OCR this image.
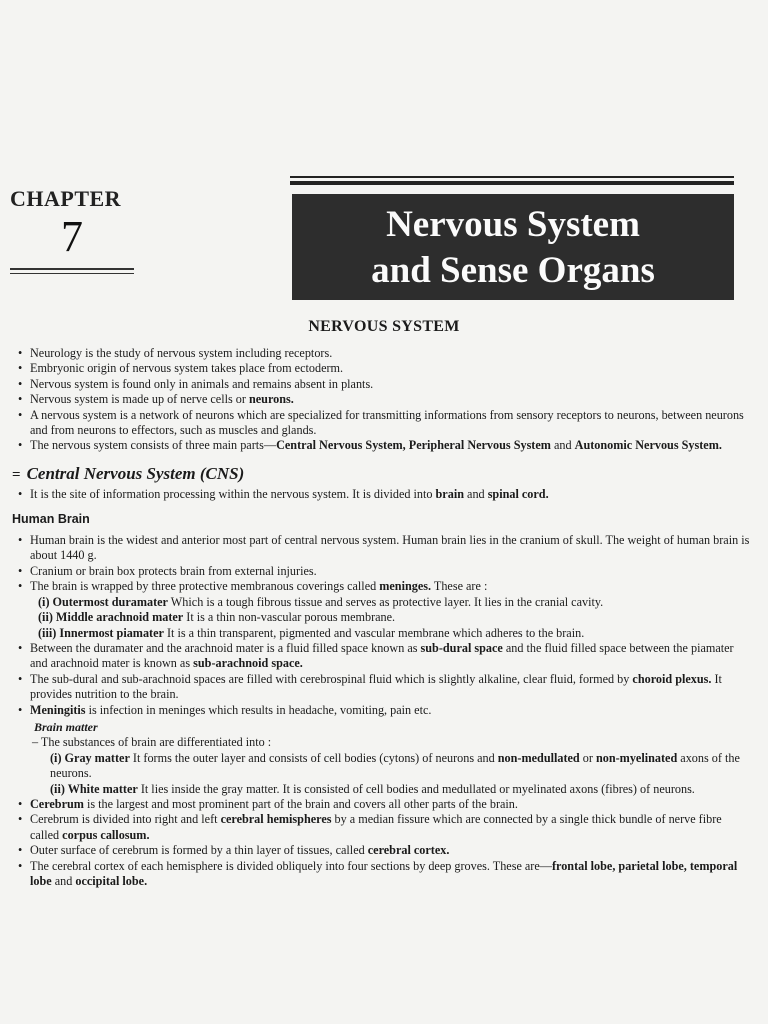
CHAPTER
7	Nervous System
and Sense Organs
NERVOUS SYSTEM
• Neurology is the study of nervous system including receptors.
• Embryonic origin of nervous system takes place from ectoderm.
• Nervous system is found only in animals and remains absent in plants.
• Nervous system is made up of nerve cells or neurons.
• A nervous system is a network of neurons which are specialized for transmitting informations from sensory receptors to neurons, between neurons and from neurons to effectors, such as muscles and glands.
• The nervous system consists of three main parts—Central Nervous System, Peripheral Nervous System and Autonomic Nervous System.
= Central Nervous System (CNS)
• It is the site of information processing within the nervous system. It is divided into brain and spinal cord.
Human Brain
• Human brain is the widest and anterior most part of central nervous system. Human brain lies in the cranium of skull. The weight of human brain is about 1440 g.
• Cranium or brain box protects brain from external injuries.
• The brain is wrapped by three protective membranous coverings called meninges. These are :
(i) Outermost duramater Which is a tough fibrous tissue and serves as protective layer. It lies in the cranial cavity.
(ii) Middle arachnoid mater It is a thin non-vascular porous membrane.
(iii) Innermost piamater It is a thin transparent, pigmented and vascular membrane which adheres to the brain.
• Between the duramater and the arachnoid mater is a fluid filled space known as sub-dural space and the fluid filled space between the piamater and arachnoid mater is known as sub-arachnoid space.
• The sub-dural and sub-arachnoid spaces are filled with cerebrospinal fluid which is slightly alkaline, clear fluid, formed by choroid plexus. It provides nutrition to the brain.
• Meningitis is infection in meninges which results in headache, vomiting, pain etc.
Brain matter
– The substances of brain are differentiated into :
(i) Gray matter It forms the outer layer and consists of cell bodies (cytons) of neurons and non-medullated or non-myelinated axons of the neurons.
(ii) White matter It lies inside the gray matter. It is consisted of cell bodies and medullated or myelinated axons (fibres) of neurons.
• Cerebrum is the largest and most prominent part of the brain and covers all other parts of the brain.
• Cerebrum is divided into right and left cerebral hemispheres by a median fissure which are connected by a single thick bundle of nerve fibre called corpus callosum.
• Outer surface of cerebrum is formed by a thin layer of tissues, called cerebral cortex.
• The cerebral cortex of each hemisphere is divided obliquely into four sections by deep groves. These are—frontal lobe, parietal lobe, temporal lobe and occipital lobe.
